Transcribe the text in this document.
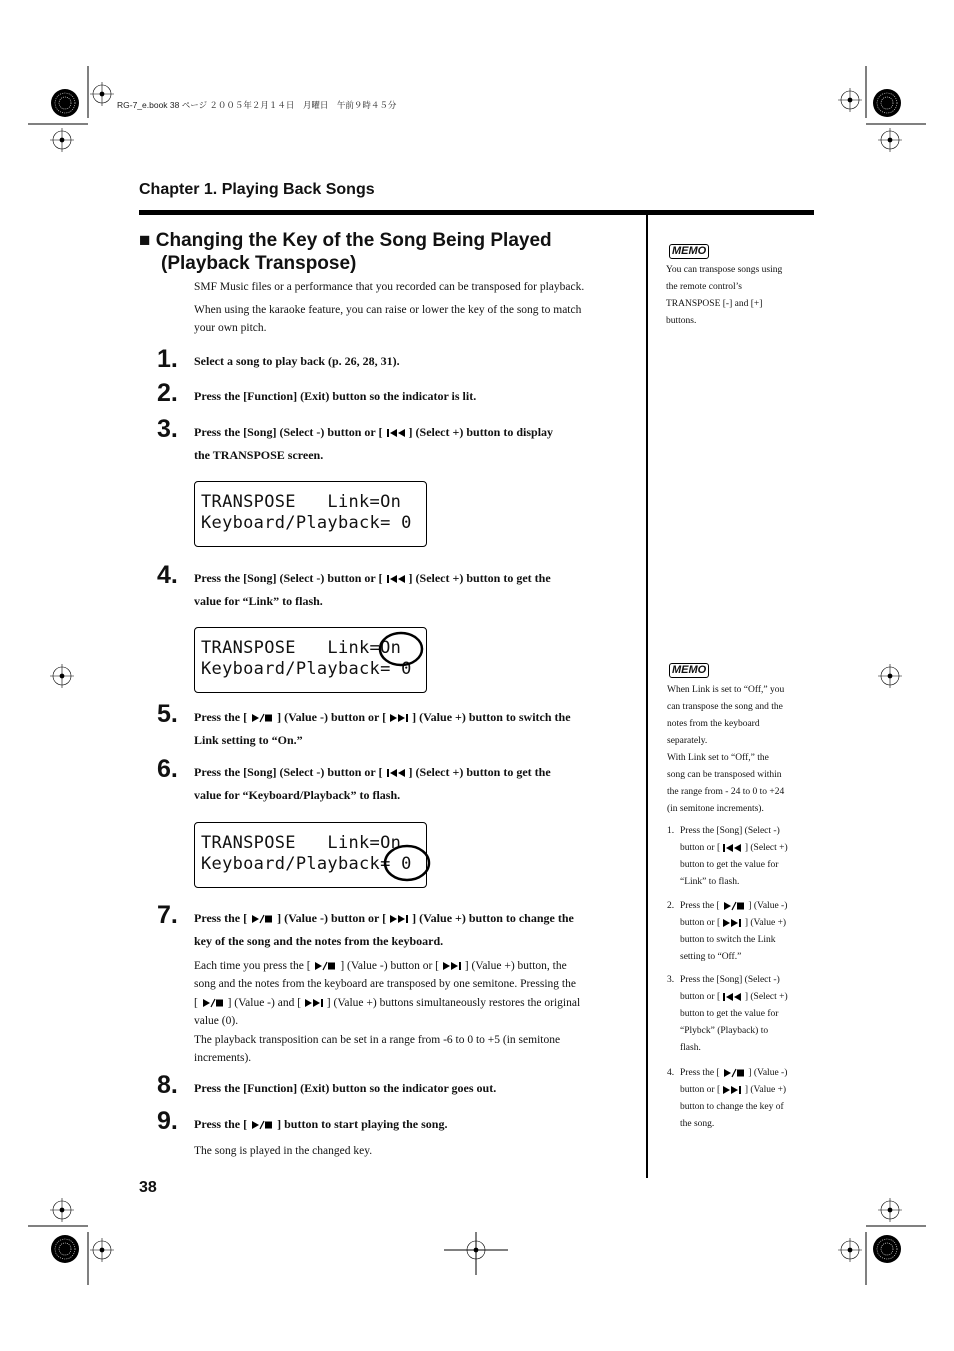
RG-7_e.book 38 ページ ２００５年２月１４日　月曜日　午前９時４５分
Chapter 1. Playing Back Songs
■ Changing the Key of the Song Being Played
(Playback Transpose)
SMF Music files or a performance that you recorded can be transposed for playback.
When using the karaoke feature, you can raise or lower the key of the song to match
your own pitch.
1. Select a song to play back (p. 26, 28, 31).
2. Press the [Function] (Exit) button so the indicator is lit.
3. Press the [Song] (Select -) button or [ ] (Select +) button to display
the TRANSPOSE screen.
TRANSPOSE   Link=On
Keyboard/Playback= 0
4. Press the [Song] (Select -) button or [ ] (Select +) button to get the
value for “Link” to flash.
TRANSPOSE   Link=On
Keyboard/Playback= 0
5. Press the [	] (Value -) button or [ ] (Value +) button to switch the
Link setting to “On.”
6. Press the [Song] (Select -) button or [ ] (Select +) button to get the
value for “Keyboard/Playback” to flash.
TRANSPOSE   Link=On
Keyboard/Playback= 0
7. Press the [	] (Value -) button or [ ] (Value +) button to change the
key of the song and the notes from the keyboard.
Each time you press the [	] (Value -) button or [ ] (Value +) button, the
song and the notes from the keyboard are transposed by one semitone. Pressing the
[	] (Value -) and [ ] (Value +) buttons simultaneously restores the original
value (0).
The playback transposition can be set in a range from -6 to 0 to +5 (in semitone
increments).
8. Press the [Function] (Exit) button so the indicator goes out.
9. Press the [	] button to start playing the song.
The song is played in the changed key.
38
MEMO
You can transpose songs using
the remote control’s
TRANSPOSE [-] and [+]
buttons.
MEMO
When Link is set to “Off,” you
can transpose the song and the
notes from the keyboard
separately.
With Link set to “Off,” the
song can be transposed within
the range from - 24 to 0 to +24
(in semitone increments).
1. Press the [Song] (Select -)
button or [	] (Select +)
button to get the value for
“Link” to flash.
2. Press the [	] (Value -)
button or [	] (Value +)
button to switch the Link
setting to “Off.”
3. Press the [Song] (Select -)
button or [	] (Select +)
button to get the value for
“Plybck” (Playback) to
flash.
4. Press the [	] (Value -)
button or [	] (Value +)
button to change the key of
the song.
